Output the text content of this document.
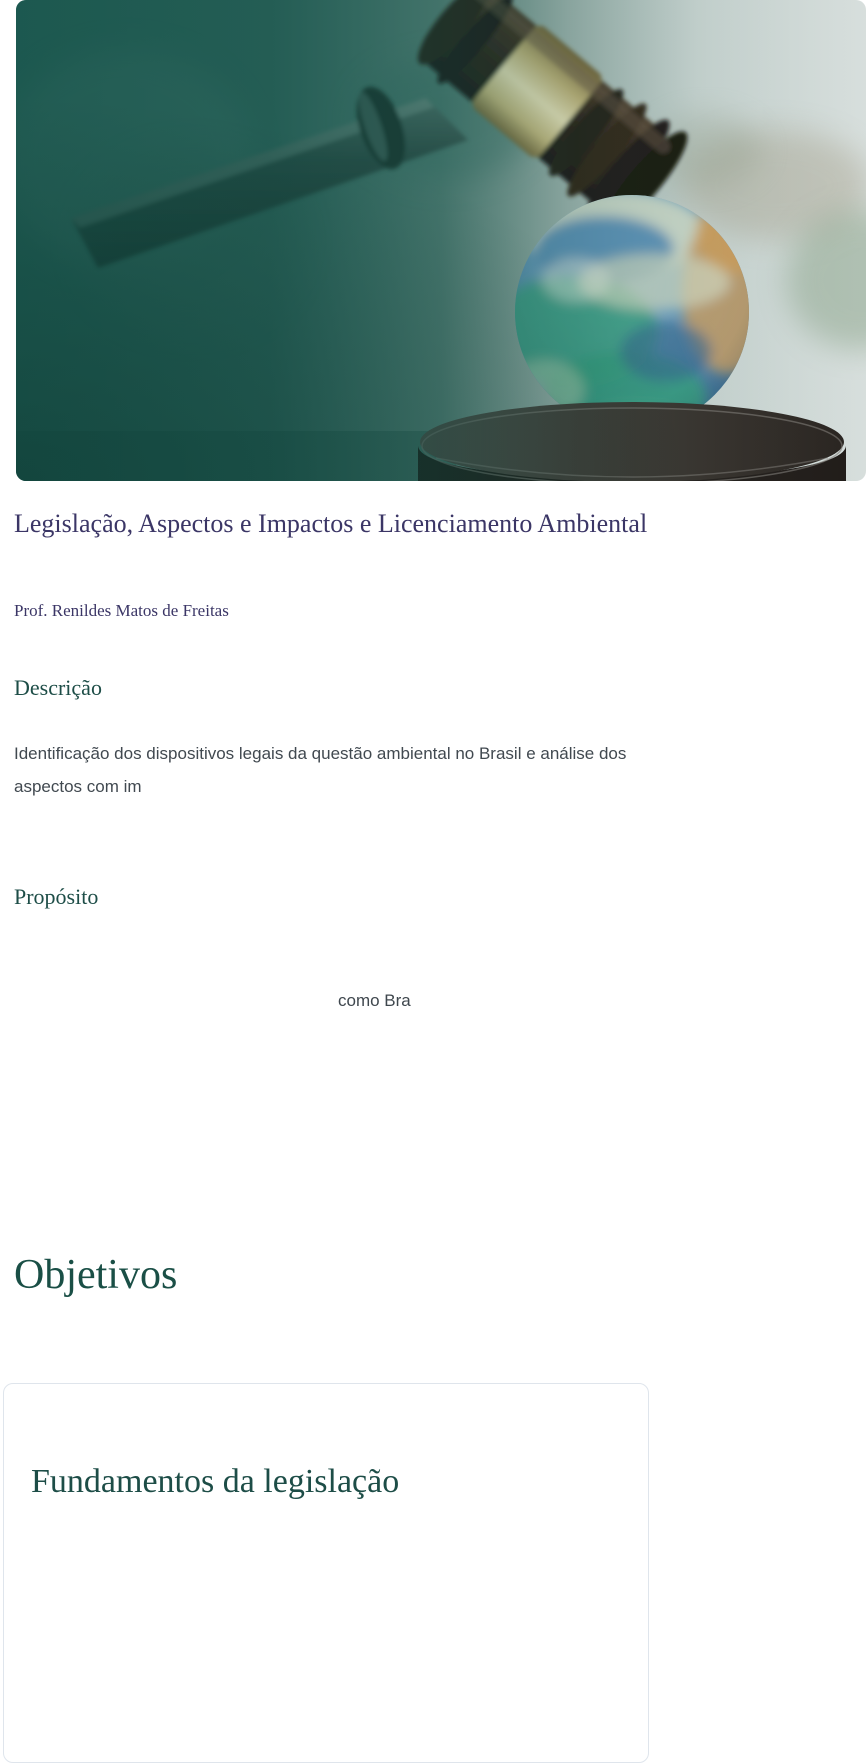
Legislação, Aspectos e Impactos e Licenciamento Ambiental

Prof. Renildes Matos de Freitas

Descrição

Identificação dos dispositivos legais da questão ambiental no Brasil e análise dos aspectos com im

Propósito

como Bra

Objetivos
Fundamentos da legislação
